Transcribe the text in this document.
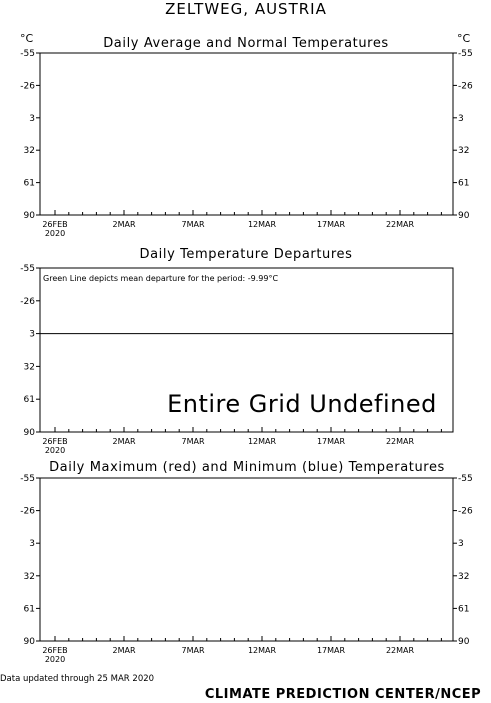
ZELTWEG, AUSTRIA
Daily Average and Normal Temperatures
°C	°C
-55	-55
-26	-26
3	3
32	32
61	61
90	90
26FEB	2MAR	7MAR	12MAR	17MAR	22MAR
2020
Daily Temperature Departures
Green Line depicts mean departure for the period: -9.99°C
Entire Grid Undefined
-55
-26
3
32
61
90
26FEB	2MAR	7MAR	12MAR	17MAR	22MAR
2020
Daily Maximum (red) and Minimum (blue) Temperatures
-55	-55
-26	-26
3	3
32	32
61	61
90	90
26FEB	2MAR	7MAR	12MAR	17MAR	22MAR
2020
Data updated through 25 MAR 2020
CLIMATE PREDICTION CENTER/NCEP
